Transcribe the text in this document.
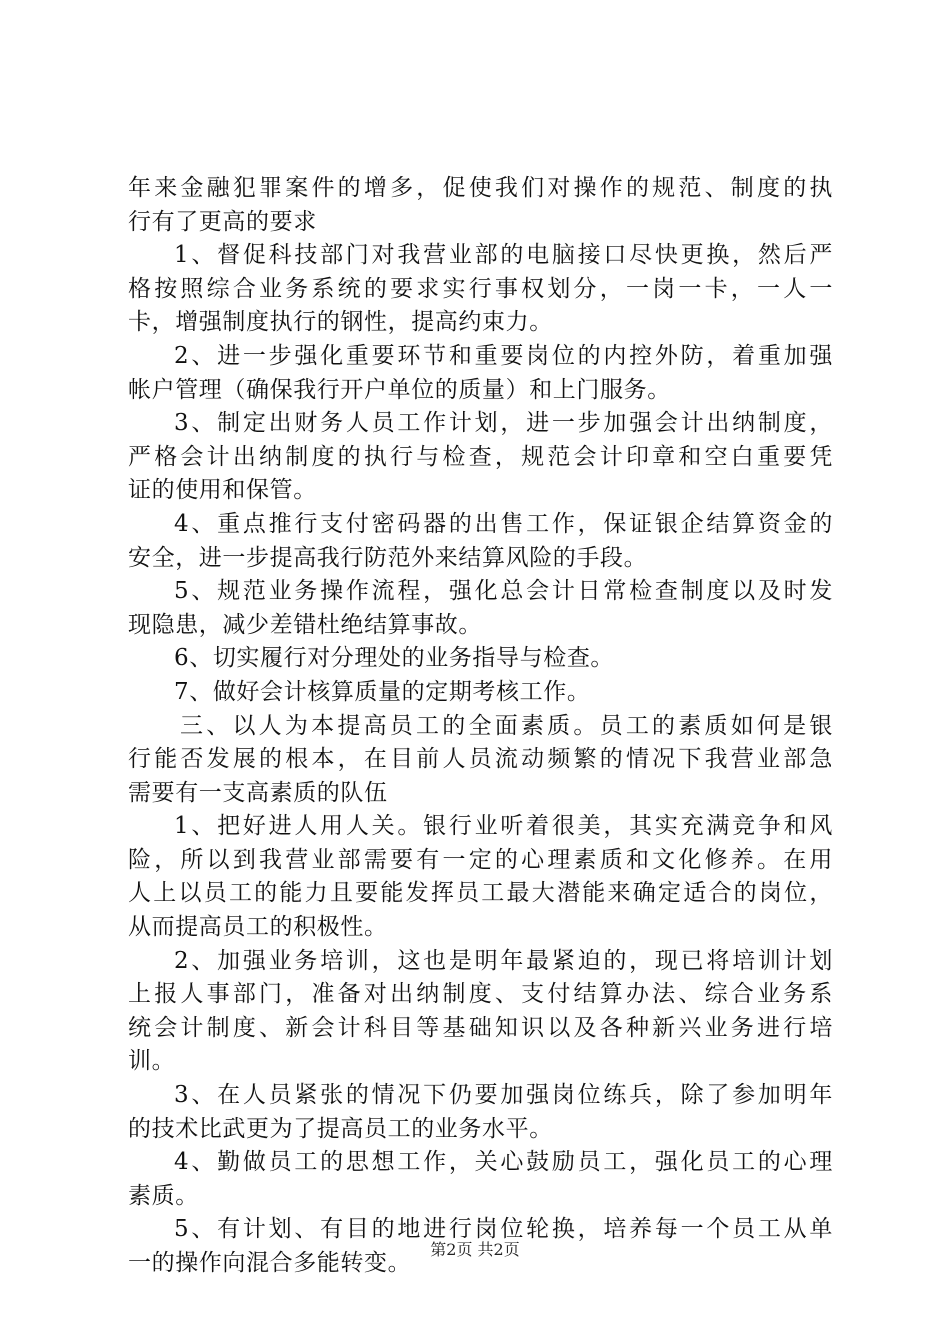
年来金融犯罪案件的增多，促使我们对操作的规范、制度的执
行有了更高的要求
1、督促科技部门对我营业部的电脑接口尽快更换，然后严
格按照综合业务系统的要求实行事权划分，一岗一卡，一人一
卡，增强制度执行的钢性，提高约束力。
2、进一步强化重要环节和重要岗位的内控外防，着重加强
帐户管理（确保我行开户单位的质量）和上门服务。
3、制定出财务人员工作计划，进一步加强会计出纳制度，
严格会计出纳制度的执行与检查，规范会计印章和空白重要凭
证的使用和保管。
4、重点推行支付密码器的出售工作，保证银企结算资金的
安全，进一步提高我行防范外来结算风险的手段。
5、规范业务操作流程，强化总会计日常检查制度以及时发
现隐患，减少差错杜绝结算事故。
6、切实履行对分理处的业务指导与检查。
7、做好会计核算质量的定期考核工作。
三、以人为本提高员工的全面素质。员工的素质如何是银
行能否发展的根本，在目前人员流动频繁的情况下我营业部急
需要有一支高素质的队伍
1、把好进人用人关。银行业听着很美，其实充满竞争和风
险，所以到我营业部需要有一定的心理素质和文化修养。在用
人上以员工的能力且要能发挥员工最大潜能来确定适合的岗位，
从而提高员工的积极性。
2、加强业务培训，这也是明年最紧迫的，现已将培训计划
上报人事部门，准备对出纳制度、支付结算办法、综合业务系
统会计制度、新会计科目等基础知识以及各种新兴业务进行培
训。
3、在人员紧张的情况下仍要加强岗位练兵，除了参加明年
的技术比武更为了提高员工的业务水平。
4、勤做员工的思想工作，关心鼓励员工，强化员工的心理
素质。
5、有计划、有目的地进行岗位轮换，培养每一个员工从单
一的操作向混合多能转变。
第2页 共2页
